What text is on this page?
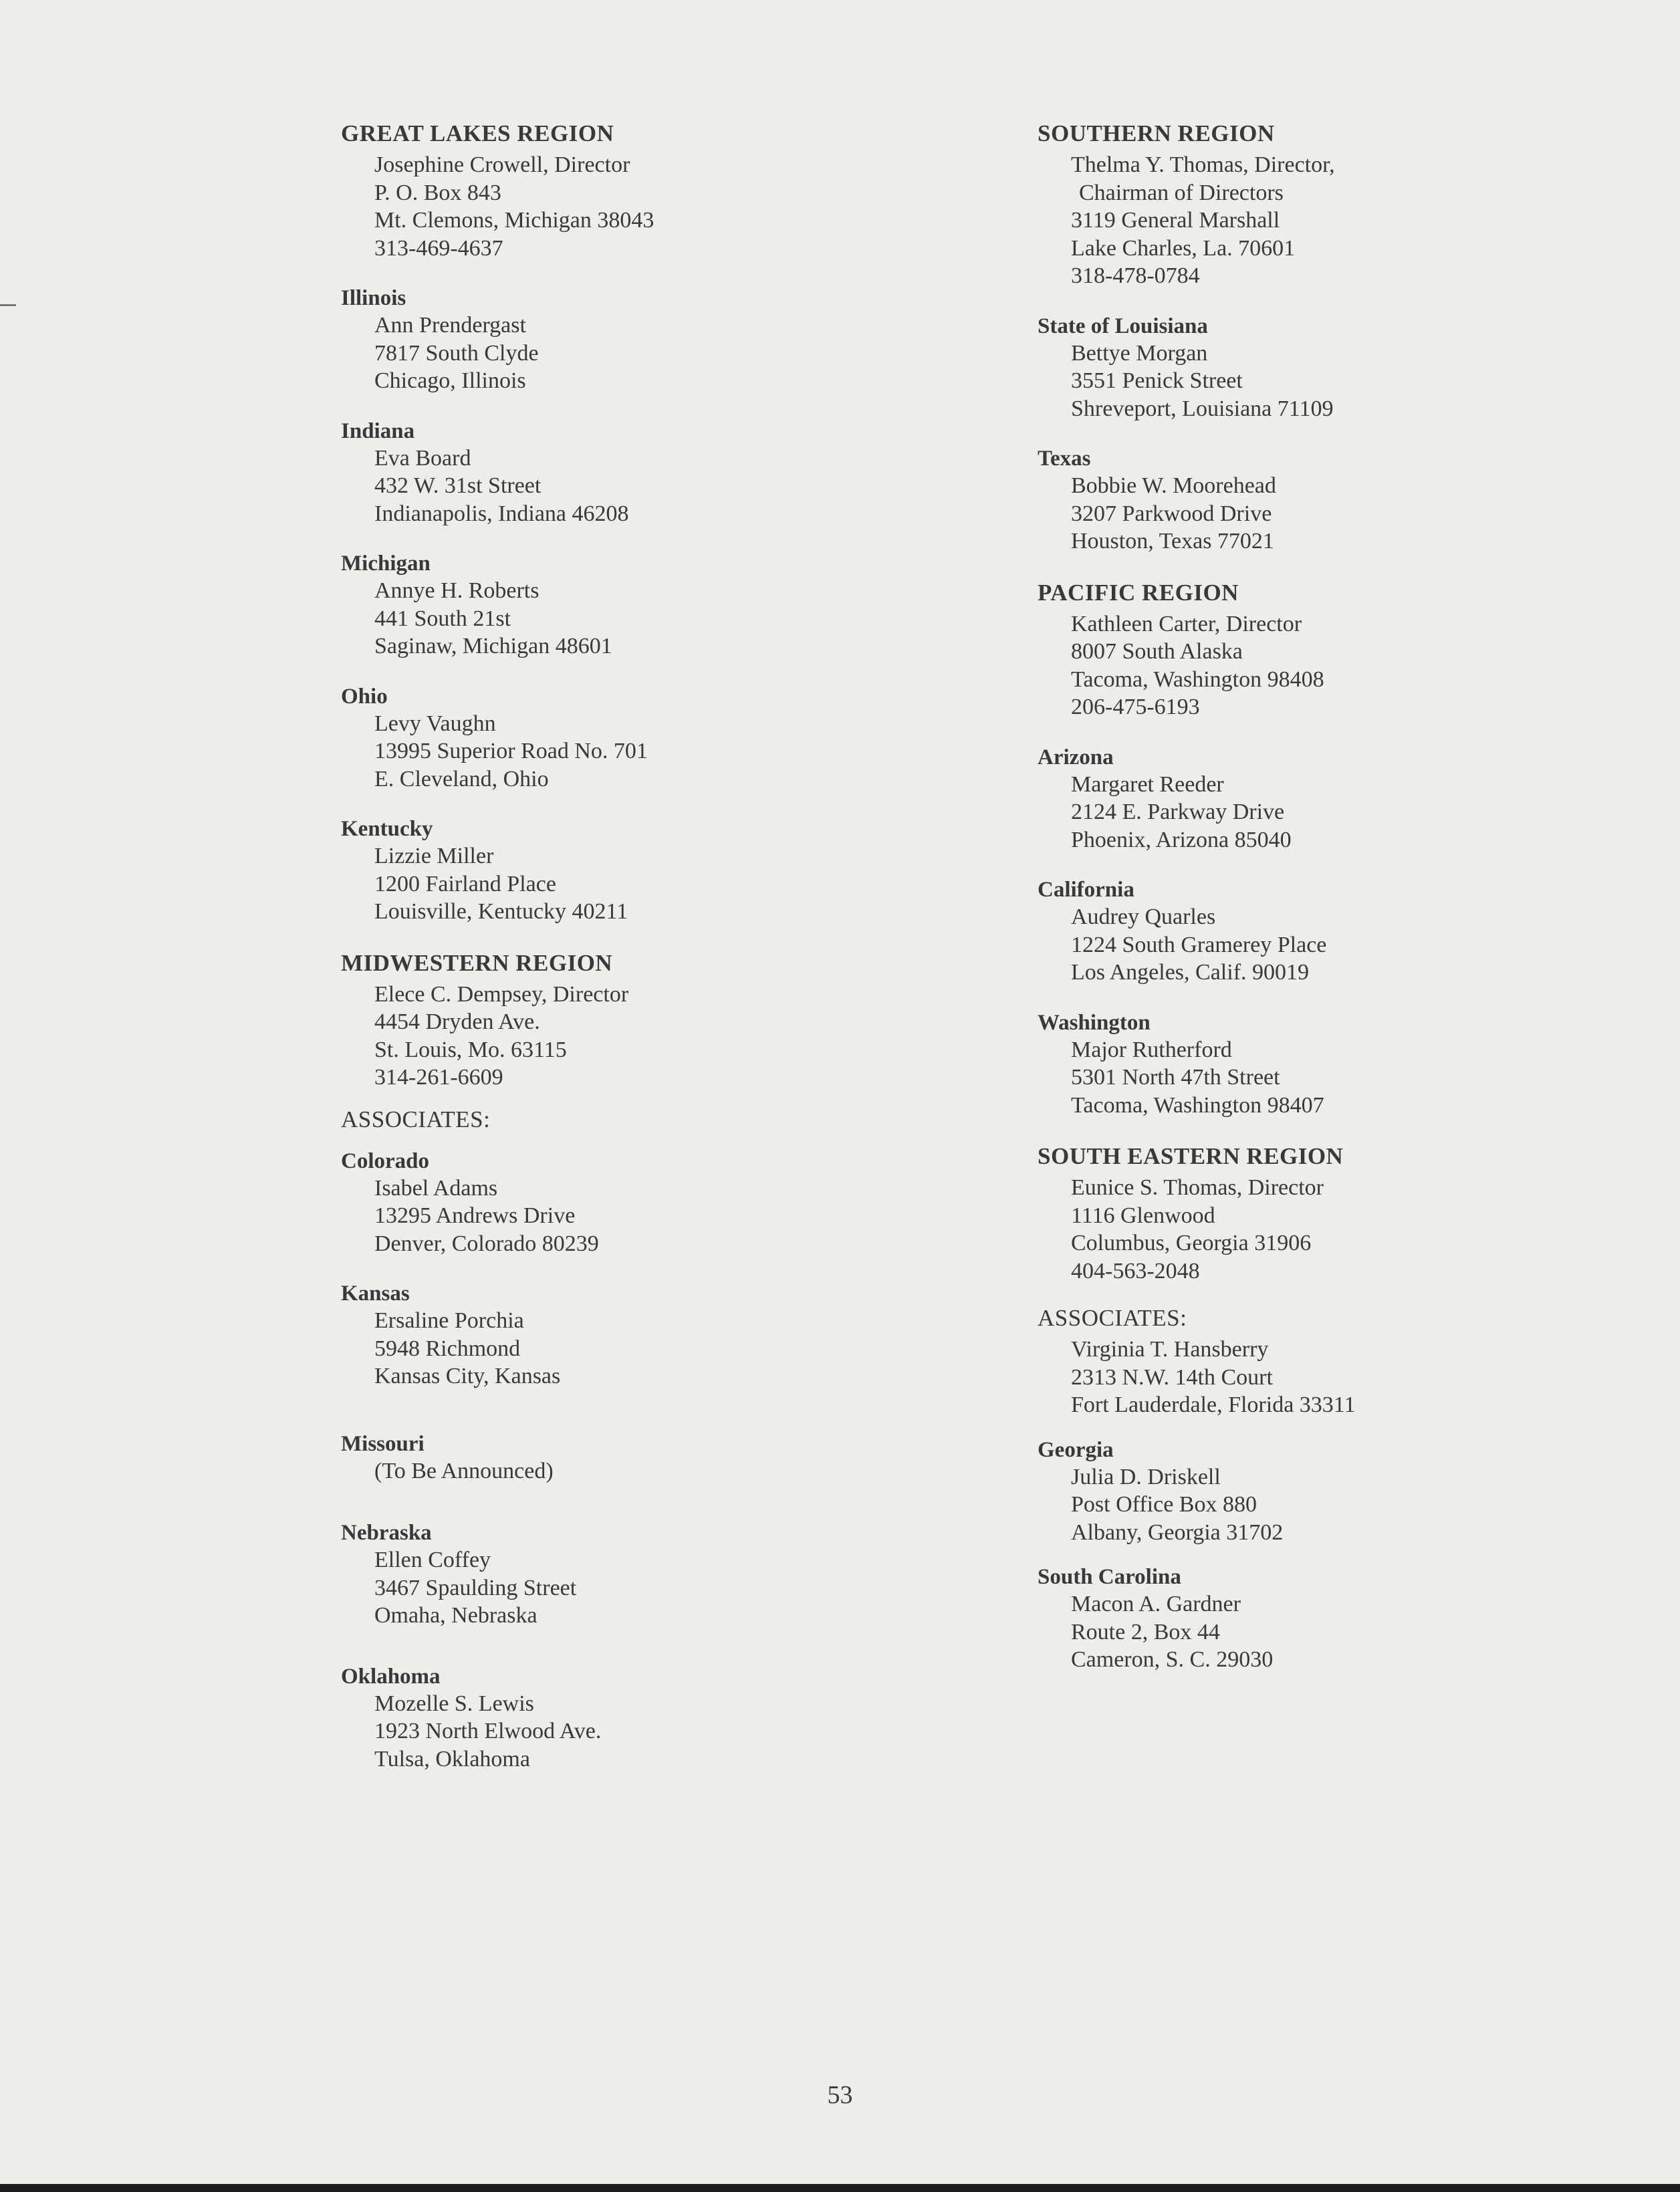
GREAT LAKES REGION
Josephine Crowell, Director
P. O. Box 843
Mt. Clemons, Michigan 38043
313-469-4637
Illinois
Ann Prendergast
7817 South Clyde
Chicago, Illinois
Indiana
Eva Board
432 W. 31st Street
Indianapolis, Indiana 46208
Michigan
Annye H. Roberts
441 South 21st
Saginaw, Michigan 48601
Ohio
Levy Vaughn
13995 Superior Road No. 701
E. Cleveland, Ohio
Kentucky
Lizzie Miller
1200 Fairland Place
Louisville, Kentucky 40211
MIDWESTERN REGION
Elece C. Dempsey, Director
4454 Dryden Ave.
St. Louis, Mo. 63115
314-261-6609
ASSOCIATES:
Colorado
Isabel Adams
13295 Andrews Drive
Denver, Colorado 80239
Kansas
Ersaline Porchia
5948 Richmond
Kansas City, Kansas
Missouri
(To Be Announced)
Nebraska
Ellen Coffey
3467 Spaulding Street
Omaha, Nebraska
Oklahoma
Mozelle S. Lewis
1923 North Elwood Ave.
Tulsa, Oklahoma
SOUTHERN REGION
Thelma Y. Thomas, Director,
Chairman of Directors
3119 General Marshall
Lake Charles, La. 70601
318-478-0784
State of Louisiana
Bettye Morgan
3551 Penick Street
Shreveport, Louisiana 71109
Texas
Bobbie W. Moorehead
3207 Parkwood Drive
Houston, Texas 77021
PACIFIC REGION
Kathleen Carter, Director
8007 South Alaska
Tacoma, Washington 98408
206-475-6193
Arizona
Margaret Reeder
2124 E. Parkway Drive
Phoenix, Arizona 85040
California
Audrey Quarles
1224 South Gramerey Place
Los Angeles, Calif. 90019
Washington
Major Rutherford
5301 North 47th Street
Tacoma, Washington 98407
SOUTH EASTERN REGION
Eunice S. Thomas, Director
1116 Glenwood
Columbus, Georgia 31906
404-563-2048
ASSOCIATES:
Virginia T. Hansberry
2313 N.W. 14th Court
Fort Lauderdale, Florida 33311
Georgia
Julia D. Driskell
Post Office Box 880
Albany, Georgia 31702
South Carolina
Macon A. Gardner
Route 2, Box 44
Cameron, S. C. 29030
53
